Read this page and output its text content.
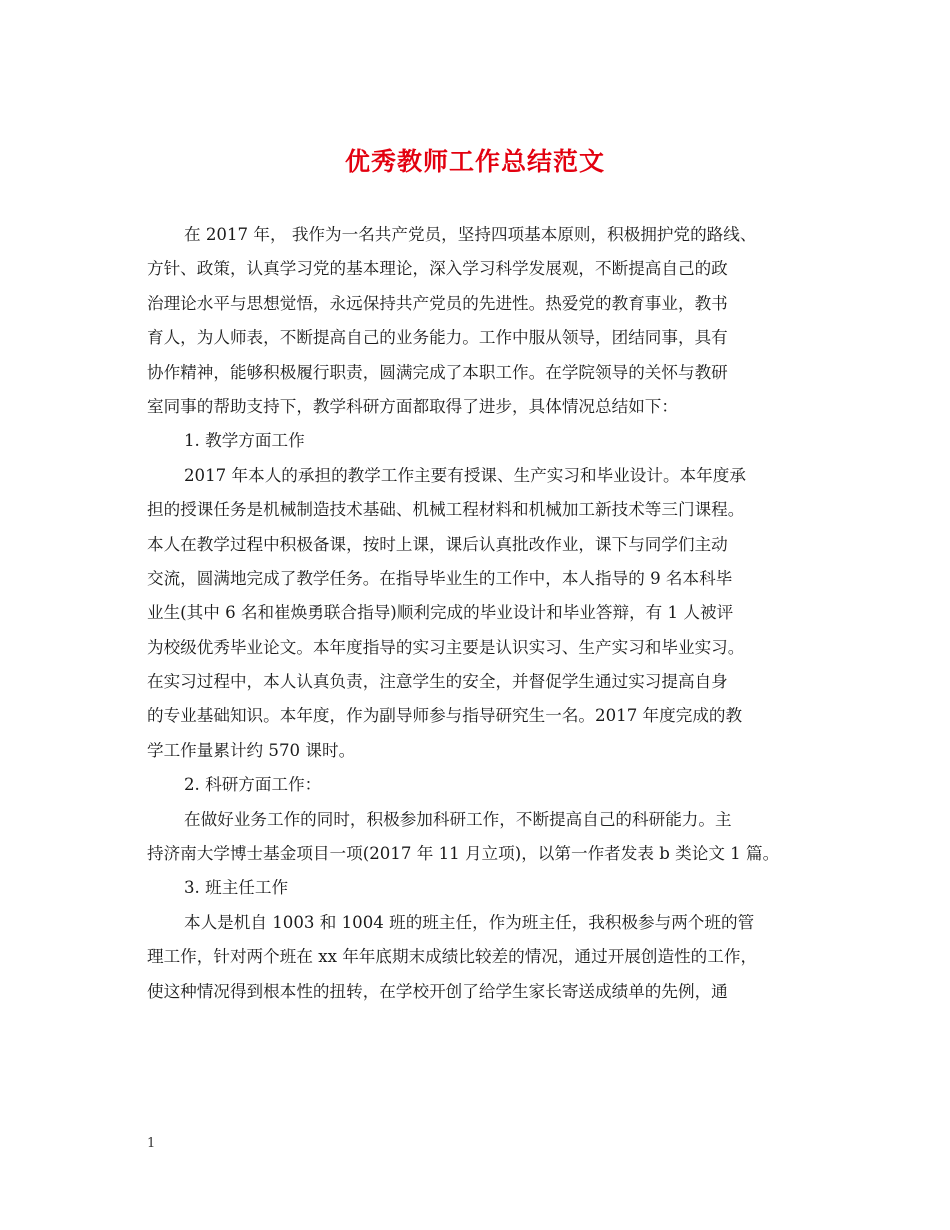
优秀教师工作总结范文
在 2017 年， 我作为一名共产党员，坚持四项基本原则，积极拥护党的路线、
方针、政策，认真学习党的基本理论，深入学习科学发展观，不断提高自己的政
治理论水平与思想觉悟，永远保持共产党员的先进性。热爱党的教育事业，教书
育人，为人师表，不断提高自己的业务能力。工作中服从领导，团结同事，具有
协作精神，能够积极履行职责，圆满完成了本职工作。在学院领导的关怀与教研
室同事的帮助支持下，教学科研方面都取得了进步，具体情况总结如下：
1. 教学方面工作
2017 年本人的承担的教学工作主要有授课、生产实习和毕业设计。本年度承
担的授课任务是机械制造技术基础、机械工程材料和机械加工新技术等三门课程。
本人在教学过程中积极备课，按时上课，课后认真批改作业，课下与同学们主动
交流，圆满地完成了教学任务。在指导毕业生的工作中，本人指导的 9 名本科毕
业生(其中 6 名和崔焕勇联合指导)顺利完成的毕业设计和毕业答辩，有 1 人被评
为校级优秀毕业论文。本年度指导的实习主要是认识实习、生产实习和毕业实习。
在实习过程中，本人认真负责，注意学生的安全，并督促学生通过实习提高自身
的专业基础知识。本年度，作为副导师参与指导研究生一名。2017 年度完成的教
学工作量累计约 570 课时。
2. 科研方面工作：
在做好业务工作的同时，积极参加科研工作，不断提高自己的科研能力。主
持济南大学博士基金项目一项(2017 年 11 月立项)，以第一作者发表 b 类论文 1 篇。
3. 班主任工作
本人是机自 1003 和 1004 班的班主任，作为班主任，我积极参与两个班的管
理工作，针对两个班在 xx 年年底期末成绩比较差的情况，通过开展创造性的工作，
使这种情况得到根本性的扭转，在学校开创了给学生家长寄送成绩单的先例，通
1
